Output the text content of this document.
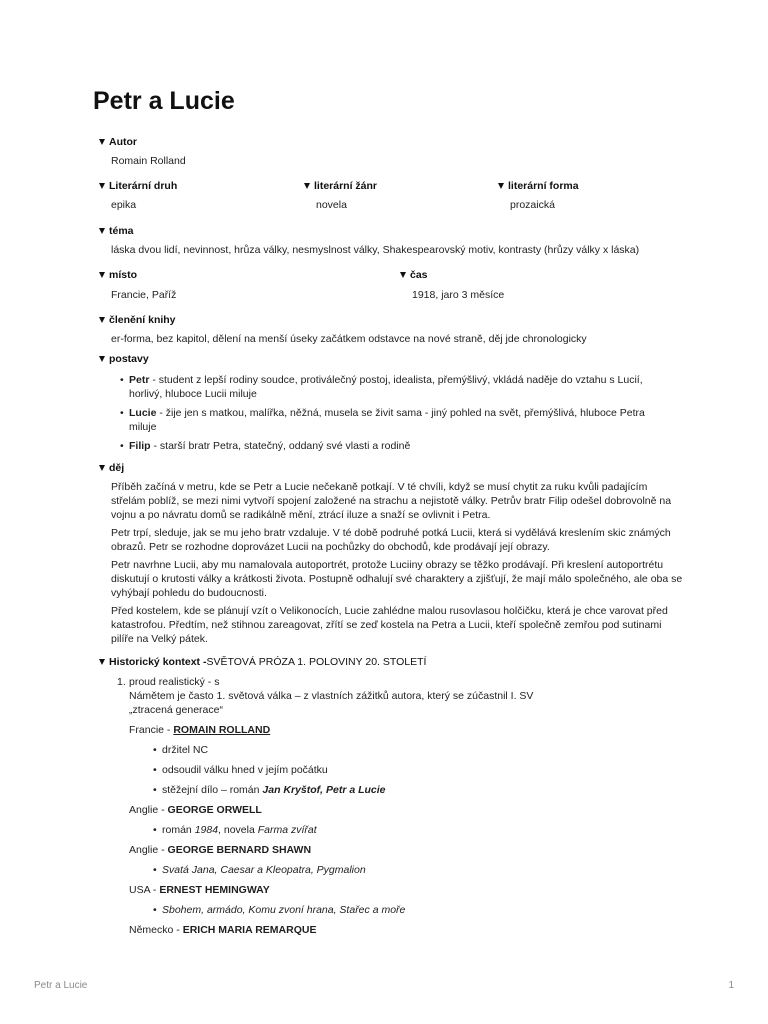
Petr a Lucie
Autor
Romain Rolland
Literární druh
epika
literární žánr
novela
literární forma
prozaická
téma
láska dvou lidí, nevinnost, hrůza války, nesmyslnost války, Shakespearovský motiv, kontrasty (hrůzy války x láska)
místo
Francie, Paříž
čas
1918, jaro 3 měsíce
členění knihy
er-forma, bez kapitol, dělení na menší úseky začátkem odstavce na nové straně, děj jde chronologicky
postavy
• Petr - student z lepší rodiny soudce, protiválečný postoj, idealista, přemýšlivý, vkládá naděje do vztahu s Lucií, horlivý, hluboce Lucii miluje
• Lucie - žije jen s matkou, malířka, něžná, musela se živit sama - jiný pohled na svět, přemýšlivá, hluboce Petra miluje
• Filip - starší bratr Petra, statečný, oddaný své vlasti a rodině
děj

Příběh začíná v metru, kde se Petr a Lucie nečekaně potkají. V té chvíli, když se musí chytit za ruku kvůli padajícím střelám poblíž, se mezi nimi vytvoří spojení založené na strachu a nejistotě války. Petrův bratr Filip odešel dobrovolně na vojnu a po návratu domů se radikálně mění, ztrácí iluze a snaží se ovlivnit i Petra.

Petr trpí, sleduje, jak se mu jeho bratr vzdaluje. V té době podruhé potká Lucii, která si vydělává kreslením skic známých obrazů. Petr se rozhodne doprovázet Lucii na pochůzky do obchodů, kde prodávají její obrazy.

Petr navrhne Lucii, aby mu namalovala autoportrét, protože Luciiny obrazy se těžko prodávají. Při kreslení autoportrétu diskutují o krutosti války a krátkosti života. Postupně odhalují své charaktery a zjišťují, že mají málo společného, ale oba se vyhýbají pohledu do budoucnosti.

Před kostelem, kde se plánují vzít o Velikonocích, Lucie zahlédne malou rusovlasou holčičku, která je chce varovat před katastrofou. Předtím, než stihnou zareagovat, zřítí se zeď kostela na Petra a Lucii, kteří společně zemřou pod sutinami pilíře na Velký pátek.

Historický kontext - SVĚTOVÁ PRÓZA 1. POLOVINY 20. STOLETÍ
1. proud realistický - s
Námětem je často 1. světová válka – z vlastních zážitků autora, který se zúčastnil I. SV
„ztracená generace“
Francie - ROMAIN ROLLAND
• držitel NC
• odsoudil válku hned v jejím počátku
• stěžejní dílo – román Jan Kryštof, Petr a Lucie
Anglie - GEORGE ORWELL
• román 1984, novela Farma zvířat
Anglie - GEORGE BERNARD SHAWN
• Svatá Jana, Caesar a Kleopatra, Pygmalion
USA - ERNEST HEMINGWAY
• Sbohem, armádo, Komu zvoní hrana, Stařec a moře
Německo - ERICH MARIA REMARQUE
Petr a Lucie	1
